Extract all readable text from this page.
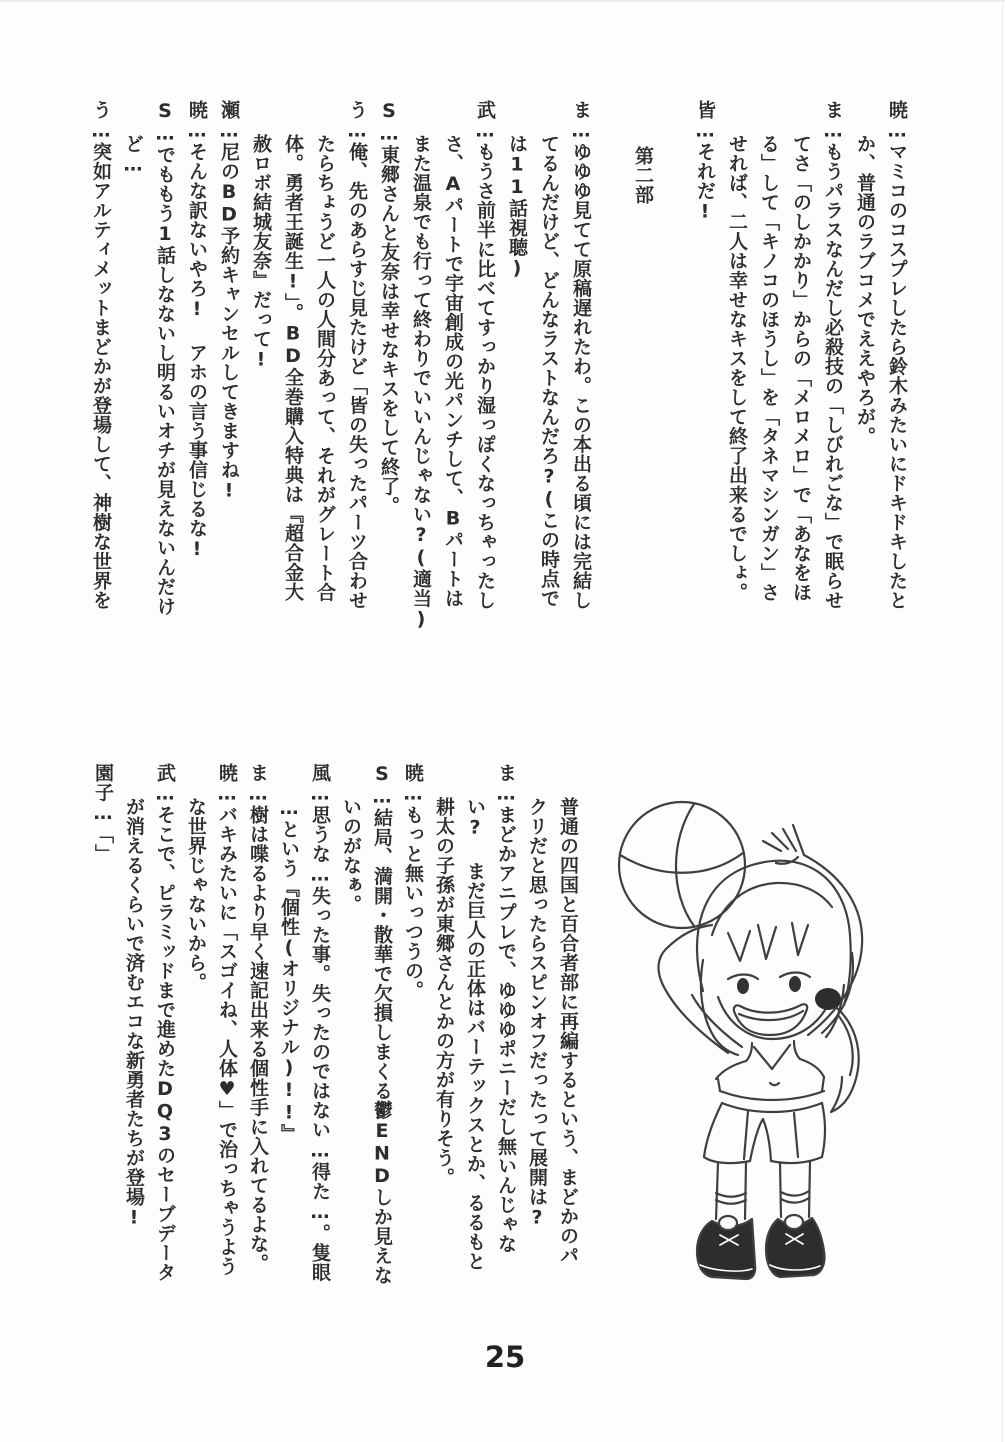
暁…マミコのコスプレしたら鈴木みたいにドキドキしたと

か、普通のラブコメでええやろが。

ま…もうパラスなんだし必殺技の「しびれごな」で眠らせ

てさ「のしかかり」からの「メロメロ」で「あなをほ

る」して「キノコのほうし」を「タネマシンガン」さ

せれば、二人は幸せなキスをして終了出来るでしょ。

皆…それだ!

第二部

ま…ゆゆゆ見てて原稿遅れたわ。この本出る頃には完結し

てるんだけど、どんなラストなんだろ?(この時点で

は11話視聴)

武…もうさ前半に比べてすっかり湿っぽくなっちゃったし

さ、Aパートで宇宙創成の光パンチして、Bパートは

また温泉でも行って終わりでいいんじゃない?(適当)

S…東郷さんと友奈は幸せなキスをして終了。

う…俺、先のあらすじ見たけど「皆の失ったパーツ合わせ

たらちょうど一人の人間分あって、それがグレート合

体。勇者王誕生!」。BD全巻購入特典は『超合金大

赦ロボ結城友奈』だって!

瀬…尼のBD予約キャンセルしてきますね!

暁…そんな訳ないやろ! アホの言う事信じるな!

S…でももう1話しなないし明るいオチが見えないんだけ

ど…

う…突如アルティメットまどかが登場して、神樹な世界を

普通の四国と百合者部に再編するという、まどかのパ

クリだと思ったらスピンオフだったって展開は?

ま…まどかアニプレで、ゆゆゆポニーだし無いんじゃな

い? まだ巨人の正体はバーテックスとか、るるもと

耕太の子孫が東郷さんとかの方が有りそう。

暁…もっと無いっつうの。

S…結局、満開・散華で欠損しまくる鬱ENDしか見えな

いのがなぁ。

風…思うな…失った事。失ったのではない…得た…。隻眼

…という『個性(オリジナル)!!』

ま…樹は喋るより早く速記出来る個性手に入れてるよな。

暁…バキみたいに「スゴイね、人体♥」で治っちゃうよう

な世界じゃないから。

武…そこで、ピラミッドまで進めたDQ3のセーブデータ

が消えるくらいで済むエコな新勇者たちが登場!

園子…「」

25
